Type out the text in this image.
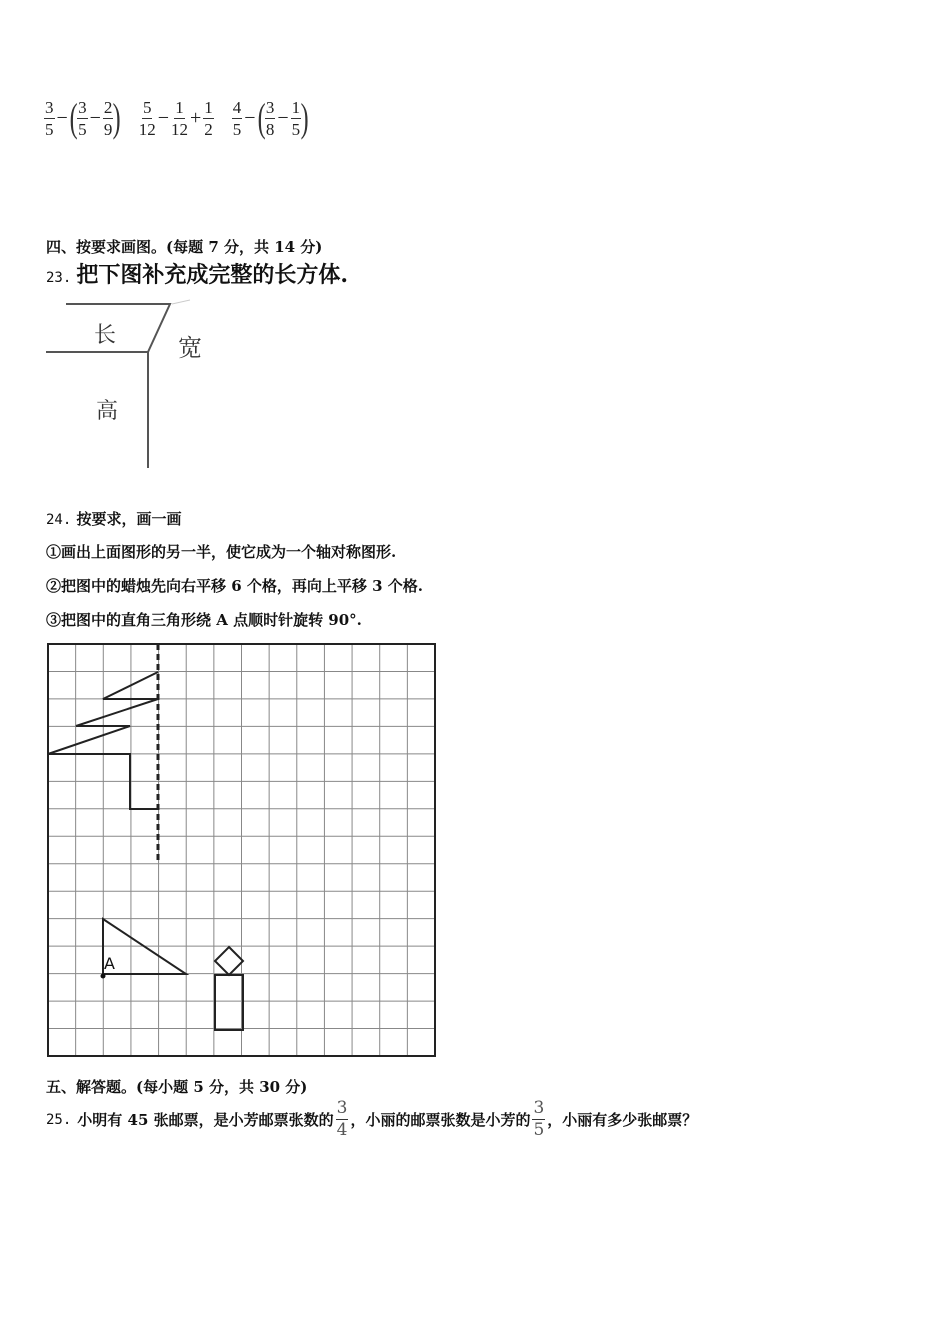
$\frac{3}{5}$ − ( $\frac{3}{5} - \frac{2}{9}$ ) $\frac{5}{12} - \frac{1}{12} + \frac{1}{2} \frac{4}{5}$ − ( $\frac{3}{8} - \frac{1}{5}$ )
四、按要求画图。(每题 7 分，共 14 分)
23. 把下图补充成完整的长方体.
长	宽
高
24. 按要求，画一画
①画出上面图形的另一半，使它成为一个轴对称图形.
②把图中的蜡烛先向右平移 6 个格，再向上平移 3 个格.
③把图中的直角三角形绕 A 点顺时针旋转 90°.
A
五、解答题。(每小题 5 分，共 30 分)
25. 小明有 45 张邮票，是小芳邮票张数的 $\frac{3}{4}$ ，小丽的邮票张数是小芳的 $\frac{3}{5}$ ，小丽有多少张邮票？
